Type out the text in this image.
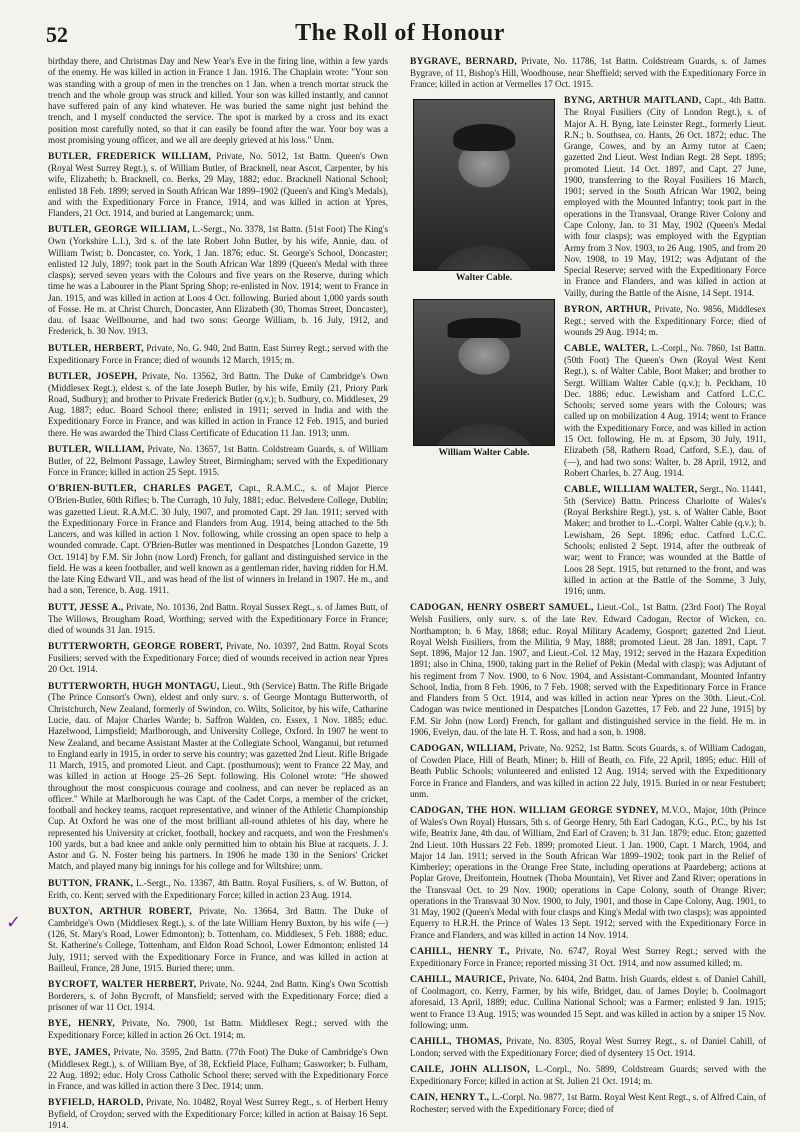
52	The Roll of Honour
✓

birthday there, and Christmas Day and New Year's Eve in the firing line, within a few yards of the enemy. He was killed in action in France 1 Jan. 1916. The Chaplain wrote: "Your son was standing with a group of men in the trenches on 1 Jan. when a trench mortar struck the trench and the whole group was struck and killed. Your son was killed instantly, and cannot have suffered pain of any kind whatever. He was buried the same night just behind the trench, and I myself conducted the service. The spot is marked by a cross and its exact position most carefully noted, so that it can easily be found after the war. Your boy was a most promising young officer, and we all are deeply grieved at his loss." Unm.

BUTLER, FREDERICK WILLIAM, Private, No. 5012, 1st Battn. Queen's Own (Royal West Surrey Regt.), s. of William Butler, of Bracknell, near Ascot, Carpenter, by his wife, Elizabeth; b. Bracknell, co. Berks, 29 May, 1882; educ. Bracknell National School; enlisted 18 Feb. 1899; served in South African War 1899–1902 (Queen's and King's Medals), and with the Expeditionary Force in France, 1914, and was killed in action at Ypres, Flanders, 21 Oct. 1914, and buried at Langemarck; unm.

BUTLER, GEORGE WILLIAM, L.-Sergt., No. 3378, 1st Battn. (51st Foot) The King's Own (Yorkshire L.I.), 3rd s. of the late Robert John Butler, by his wife, Annie, dau. of William Twist; b. Doncaster, co. York, 1 Jan. 1876; educ. St. George's School, Doncaster; enlisted 12 July, 1897; took part in the South African War 1899 (Queen's Medal with three clasps); served seven years with the Colours and five years on the Reserve, during which time he was a Labourer in the Plant Spring Shop; re-enlisted in Nov. 1914; went to France in Jan. 1915, and was killed in action at Loos 4 Oct. following. Buried about 1,000 yards south of Fosse. He m. at Christ Church, Doncaster, Ann Elizabeth (30, Thomas Street, Doncaster), dau. of Isaac Wellbourne, and had two sons: George William, b. 16 July, 1912, and Frederick, b. 30 Nov. 1913.

BUTLER, HERBERT, Private, No. G. 940, 2nd Battn. East Surrey Regt.; served with the Expeditionary Force in France; died of wounds 12 March, 1915; m.

BUTLER, JOSEPH, Private, No. 13562, 3rd Battn. The Duke of Cambridge's Own (Middlesex Regt.), eldest s. of the late Joseph Butler, by his wife, Emily (21, Priory Park Road, Sudbury); and brother to Private Frederick Butler (q.v.); b. Sudbury, co. Middlesex, 29 Aug. 1887; educ. Board School there; enlisted in 1911; served in India and with the Expeditionary Force in France, and was killed in action in France 12 Feb. 1915, and buried there. He was awarded the Third Class Certificate of Education 11 Jan. 1913; unm.

BUTLER, WILLIAM, Private, No. 13657, 1st Battn. Coldstream Guards, s. of William Butler, of 22, Belmont Passage, Lawley Street, Birmingham; served with the Expeditionary Force in France; killed in action 25 Sept. 1915.

O'BRIEN-BUTLER, CHARLES PAGET, Capt., R.A.M.C., s. of Major Pierce O'Brien-Butler, 60th Rifles; b. The Curragh, 10 July, 1881; educ. Belvedere College, Dublin; was gazetted Lieut. R.A.M.C. 30 July, 1907, and promoted Capt. 29 Jan. 1911; served with the Expeditionary Force in France and Flanders from Aug. 1914, being attached to the 5th Lancers, and was killed in action 1 Nov. following, while crossing an open space to help a wounded comrade. Capt. O'Brien-Butler was mentioned in Despatches [London Gazette, 19 Oct. 1914] by F.M. Sir John (now Lord) French, for gallant and distinguished service in the field. He was a keen footballer, and well known as a gentleman rider, having ridden for H.M. the late King Edward VII., and was head of the list of winners in Ireland in 1907. He m., and had a son, Terence, b. Aug. 1911.

BUTT, JESSE A., Private, No. 10136, 2nd Battn. Royal Sussex Regt., s. of James Butt, of The Willows, Brougham Road, Worthing; served with the Expeditionary Force in France; died of wounds 31 Jan. 1915.

BUTTERWORTH, GEORGE ROBERT, Private, No. 10397, 2nd Battn. Royal Scots Fusiliers; served with the Expeditionary Force; died of wounds received in action near Ypres 20 Oct. 1914.

BUTTERWORTH, HUGH MONTAGU, Lieut., 9th (Service) Battn. The Rifle Brigade (The Prince Consort's Own), eldest and only surv. s. of George Montagu Butterworth, of Christchurch, New Zealand, formerly of Swindon, co. Wilts, Solicitor, by his wife, Catharine Lucie, dau. of Major Charles Warde; b. Saffron Walden, co. Essex, 1 Nov. 1885; educ. Hazelwood, Limpsfield; Marlborough, and University College, Oxford. In 1907 he went to New Zealand, and became Assistant Master at the Collegiate School, Wanganui, but returned to England early in 1915, in order to serve his country; was gazetted 2nd Lieut. Rifle Brigade 11 March, 1915, and promoted Lieut. and Capt. (posthumous); went to France 22 May, and was killed in action at Hooge 25–26 Sept. following. His Colonel wrote: "He showed throughout the most conspicuous courage and coolness, and can never be replaced as an officer." While at Marlborough he was Capt. of the Cadet Corps, a member of the cricket, football and hockey teams, racquet representative, and winner of the Athletic Championship Cup. At Oxford he was one of the most brilliant all-round athletes of his day, where he represented his University at cricket, football, hockey and racquets, and won the Freshmen's 100 yards, but a bad knee and ankle only permitted him to obtain his Blue at racquets. J. J. Astor and G. N. Foster being his partners. In 1906 he made 130 in the Seniors' Cricket Match, and played many big innings for his college and for Wiltshire; unm.

BUTTON, FRANK, L.-Sergt., No. 13367, 4th Battn. Royal Fusiliers, s. of W. Button, of Erith, co. Kent; served with the Expeditionary Force; killed in action 23 Aug. 1914.

BUXTON, ARTHUR ROBERT, Private, No. 13664, 3rd Battn. The Duke of Cambridge's Own (Middlesex Regt.), s. of the late William Henry Buxton, by his wife (—) (126, St. Mary's Road, Lower Edmonton); b. Tottenham, co. Middlesex, 5 Feb. 1888; educ. St. Katherine's College, Tottenham, and Eldon Road School, Lower Edmonton; enlisted 14 July, 1911; served with the Expeditionary Force in France, and was killed in action at Bailleul, France, 28 June, 1915. Buried there; unm.

BYCROFT, WALTER HERBERT, Private, No. 9244, 2nd Battn. King's Own Scottish Borderers, s. of John Bycroft, of Mansfield; served with the Expeditionary Force; died a prisoner of war 11 Oct. 1914.

BYE, HENRY, Private, No. 7900, 1st Battn. Middlesex Regt.; served with the Expeditionary Force; killed in action 26 Oct. 1914; m.

BYE, JAMES, Private, No. 3595, 2nd Battn. (77th Foot) The Duke of Cambridge's Own (Middlesex Regt.), s. of William Bye, of 38, Eckfield Place, Fulham; Gasworker; b. Fulham, 22 Aug. 1892; educ. Holy Cross Catholic School there; served with the Expeditionary Force in France, and was killed in action there 3 Dec. 1914; unm.

BYFIELD, HAROLD, Private, No. 10482, Royal West Surrey Regt., s. of Herbert Henry Byfield, of Croydon; served with the Expeditionary Force; killed in action at Baisay 16 Sept. 1914.

BYGRAVE, BERNARD, Private, No. 11786, 1st Battn. Coldstream Guards, s. of James Bygrave, of 11, Bishop's Hill, Woodhouse, near Sheffield; served with the Expeditionary Force in France; killed in action at Vermelles 17 Oct. 1915.

Walter Cable.
William Walter Cable.

BYNG, ARTHUR MAITLAND, Capt., 4th Battn. The Royal Fusiliers (City of London Regt.), s. of Major A. H. Byng, late Leinster Regt., formerly Lieut. R.N.; b. Southsea, co. Hants, 26 Oct. 1872; educ. The Grange, Cowes, and by an Army tutor at Caen; gazetted 2nd Lieut. West Indian Regt. 28 Sept. 1895; promoted Lieut. 14 Oct. 1897, and Capt. 27 June, 1900, transferring to the Royal Fusiliers 16 March, 1901; served in the South African War 1902, being employed with the Mounted Infantry; took part in the operations in the Transvaal, Orange River Colony and Cape Colony, Jan. to 31 May, 1902 (Queen's Medal with four clasps); was employed with the Egyptian Army from 3 Nov. 1903, to 26 Aug. 1905, and from 20 Nov. 1908, to 19 May, 1912; was Adjutant of the Special Reserve; served with the Expeditionary Force in France and Flanders, and was killed in action at Vailly, during the Battle of the Aisne, 14 Sept. 1914.

BYRON, ARTHUR, Private, No. 9856, Middlesex Regt.; served with the Expeditionary Force; died of wounds 29 Aug. 1914; m.

CABLE, WALTER, L.-Corpl., No. 7860, 1st Battn. (50th Foot) The Queen's Own (Royal West Kent Regt.), s. of Walter Cable, Boot Maker; and brother to Sergt. William Walter Cable (q.v.); b. Peckham, 10 Dec. 1886; educ. Lewisham and Catford L.C.C. Schools; served some years with the Colours; was called up on mobilization 4 Aug. 1914; went to France with the Expeditionary Force, and was killed in action 15 Oct. following. He m. at Epsom, 30 July, 1911, Elizabeth (58, Rathern Road, Catford, S.E.), dau. of (—), and had two sons: Walter, b. 28 April, 1912, and Robert Charles, b. 27 Aug. 1914.

CABLE, WILLIAM WALTER, Sergt., No. 11441, 5th (Service) Battn. Princess Charlotte of Wales's (Royal Berkshire Regt.), yst. s. of Walter Cable, Boot Maker; and brother to L.-Corpl. Walter Cable (q.v.); b. Lewisham, 26 Sept. 1896; educ. Catford L.C.C. Schools; enlisted 2 Sept. 1914, after the outbreak of war; went to France; was wounded at the Battle of Loos 28 Sept. 1915, but returned to the front, and was killed in action at the Battle of the Somme, 3 July, 1916; unm.

CADOGAN, HENRY OSBERT SAMUEL, Lieut.-Col., 1st Battn. (23rd Foot) The Royal Welsh Fusiliers, only surv. s. of the late Rev. Edward Cadogan, Rector of Wicken, co. Northampton; b. 6 May, 1868; educ. Royal Military Academy, Gosport; gazetted 2nd Lieut. Royal Welsh Fusiliers, from the Militia, 9 May, 1888; promoted Lieut. 28 Jan. 1891, Capt. 7 Sept. 1896, Major 12 Jan. 1907, and Lieut.-Col. 12 May, 1912; served in the Hazara Expedition 1891; also in China, 1900, taking part in the Relief of Pekin (Medal with clasp); was Adjutant of his regiment from 7 Nov. 1900, to 6 Nov. 1904, and Assistant-Commandant, Mounted Infantry School, India, from 8 Feb. 1906, to 7 Feb. 1908; served with the Expeditionary Force in France and Flanders from 5 Oct. 1914, and was killed in action near Ypres on the 30th. Lieut.-Col. Cadogan was twice mentioned in Despatches [London Gazettes, 17 Feb. and 22 June, 1915] by F.M. Sir John (now Lord) French, for gallant and distinguished service in the field. He m. in 1906, Evelyn, dau. of the late H. T. Ross, and had a son, b. 1908.

CADOGAN, WILLIAM, Private, No. 9252, 1st Battn. Scots Guards, s. of William Cadogan, of Cowden Place, Hill of Beath, Miner; b. Hill of Beath, co. Fife, 22 April, 1895; educ. Hill of Beath Public Schools; volunteered and enlisted 12 Aug. 1914; served with the Expeditionary Force in France and Flanders, and was killed in action 22 July, 1915. Buried in or near Festubert; unm.

CADOGAN, THE HON. WILLIAM GEORGE SYDNEY, M.V.O., Major, 10th (Prince of Wales's Own Royal) Hussars, 5th s. of George Henry, 5th Earl Cadogan, K.G., P.C., by his 1st wife, Beatrix Jane, 4th dau. of William, 2nd Earl of Craven; b. 31 Jan. 1879; educ. Eton; gazetted 2nd Lieut. 10th Hussars 22 Feb. 1899; promoted Lieut. 1 Jan. 1900, Capt. 1 March, 1904, and Major 14 Jan. 1911; served in the South African War 1899–1902; took part in the Relief of Kimberley; operations in the Orange Free State, including operations at Paardeberg; actions at Poplar Grove, Dreifontein, Houtnek (Thoba Mountain), Vet River and Zand River; operations in the Transvaal Oct. to 29 Nov. 1900; operations in Cape Colony, south of Orange River; operations in the Transvaal 30 Nov. 1900, to July, 1901, and those in Cape Colony, Aug. 1901, to 31 May, 1902 (Queen's Medal with four clasps and King's Medal with two clasps); was appointed Equerry to H.R.H. the Prince of Wales 13 Sept. 1912; served with the Expeditionary Force in France and Flanders, and was killed in action 14 Nov. 1914.

CAHILL, HENRY T., Private, No. 6747, Royal West Surrey Regt.; served with the Expeditionary Force in France; reported missing 31 Oct. 1914, and now assumed killed; m.

CAHILL, MAURICE, Private, No. 6404, 2nd Battn. Irish Guards, eldest s. of Daniel Cahill, of Coolmagort, co. Kerry, Farmer, by his wife, Bridget, dau. of James Doyle; b. Coolmagort aforesaid, 13 April, 1889; educ. Cullina National School; was a Farmer; enlisted 9 Jan. 1915; went to France 13 Aug. 1915; was wounded 15 Sept. and was killed in action by a sniper 15 Nov. following; unm.

CAHILL, THOMAS, Private, No. 8305, Royal West Surrey Regt., s. of Daniel Cahill, of London; served with the Expeditionary Force; died of dysentery 15 Oct. 1914.

CAILE, JOHN ALLISON, L.-Corpl., No. 5899, Coldstream Guards; served with the Expeditionary Force; killed in action at St. Julien 21 Oct. 1914; m.

CAIN, HENRY T., L.-Corpl. No. 9877, 1st Battn. Royal West Kent Regt., s. of Alfred Cain, of Rochester; served with the Expeditionary Force; died of
